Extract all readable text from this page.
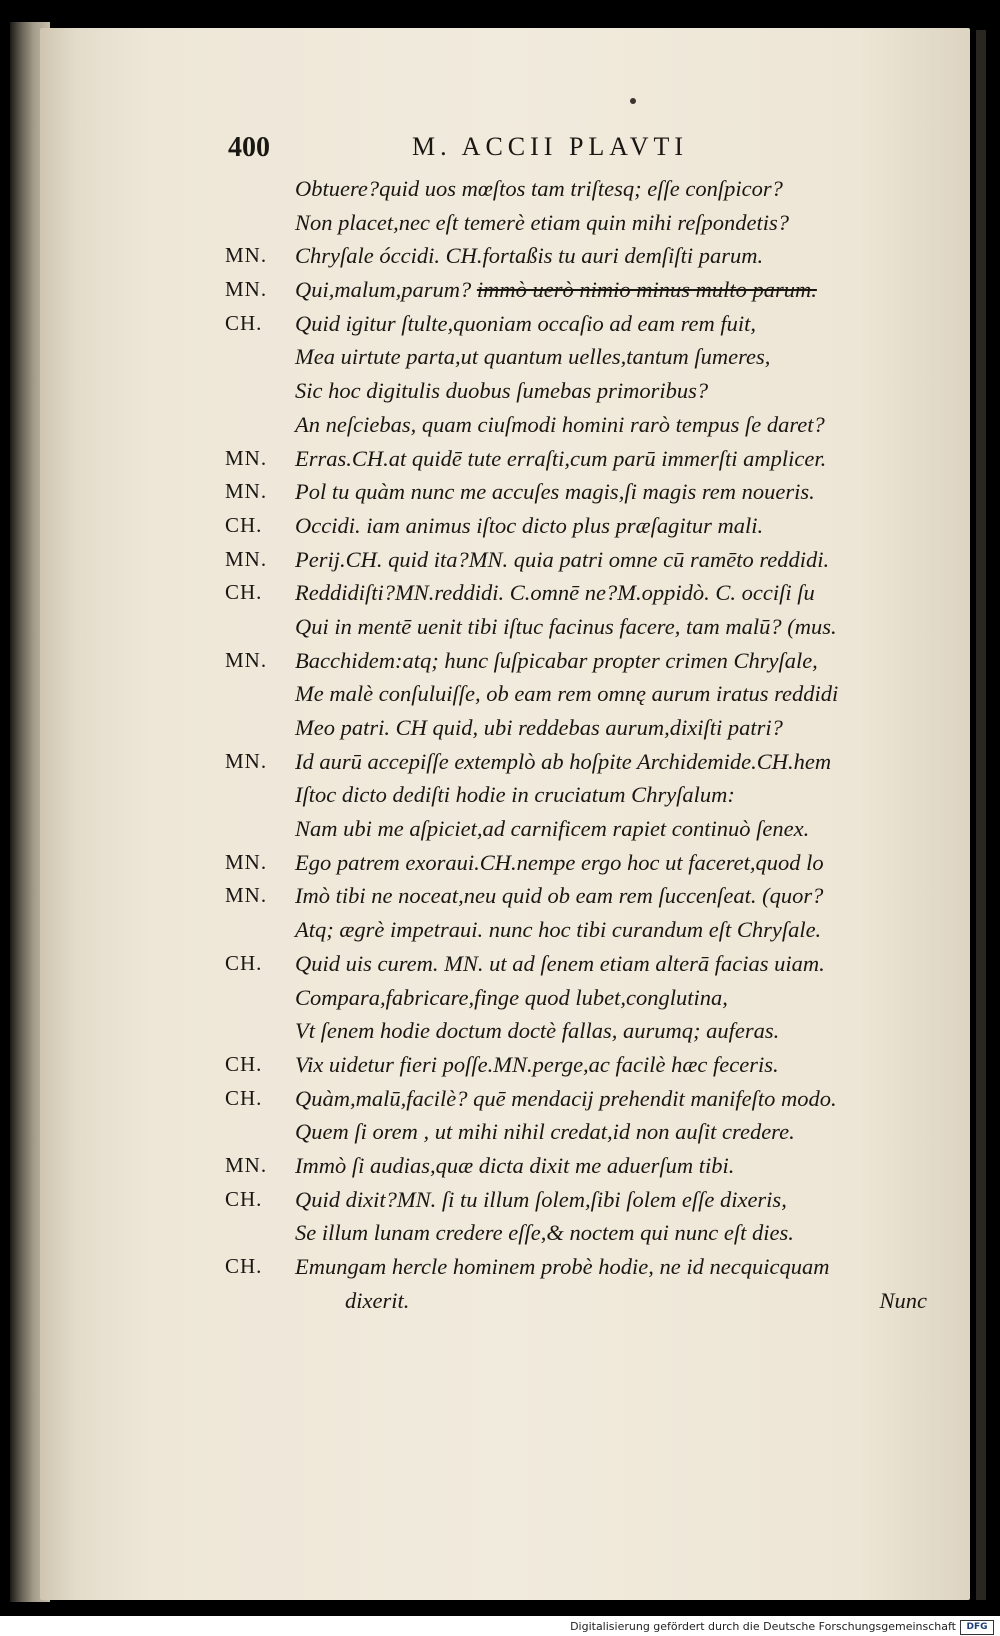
400	M. ACCII PLAVTI
Obtuere?quid uos mœſtos tam triſtesq; eſſe conſpicor?
Non placet,nec eſt temerè etiam quin mihi reſpondetis?
MN.	Chryſale óccidi. CH.fortaßis tu auri demſiſti parum.
MN.	Qui,malum,parum? immò uerò nimio minus multo parum.
CH.	Quid igitur ſtulte,quoniam occaſio ad eam rem fuit,
Mea uirtute parta,ut quantum uelles,tantum ſumeres,
Sic hoc digitulis duobus ſumebas primoribus?
An neſciebas, quam ciuſmodi homini rarò tempus ſe daret?
MN.	Erras.CH.at quidē tute erraſti,cum parū immerſti amplicer.
MN.	Pol tu quàm nunc me accuſes magis,ſi magis rem noueris.
CH.	Occidi. iam animus iſtoc dicto plus præſagitur mali.
MN.	Perij.CH. quid ita?MN. quia patri omne cū ramēto reddidi.
CH.	Reddidiſti?MN.reddidi. C.omnē ne?M.oppidò. C. occiſi ſu
Qui in mentē uenit tibi iſtuc facinus facere, tam malū? (mus.
MN.	Bacchidem:atq; hunc ſuſpicabar propter crimen Chryſale,
Me malè conſuluiſſe, ob eam rem omnę aurum iratus reddidi
Meo patri. CH quid, ubi reddebas aurum,dixiſti patri?
MN.	Id aurū accepiſſe extemplò ab hoſpite Archidemide.CH.hem
Iſtoc dicto dediſti hodie in cruciatum Chryſalum:
Nam ubi me aſpiciet,ad carnificem rapiet continuò ſenex.
MN.	Ego patrem exoraui.CH.nempe ergo hoc ut faceret,quod lo
MN.	Imò tibi ne noceat,neu quid ob eam rem ſuccenſeat. (quor?
Atq; ægrè impetraui. nunc hoc tibi curandum eſt Chryſale.
CH.	Quid uis curem. MN. ut ad ſenem etiam alterā facias uiam.
Compara,fabricare,finge quod lubet,conglutina,
Vt ſenem hodie doctum doctè fallas, aurumq; auferas.
CH.	Vix uidetur fieri poſſe.MN.perge,ac facilè hæc feceris.
CH.	Quàm,malū,facilè? quē mendacij prehendit manifeſto modo.
Quem ſi orem , ut mihi nihil credat,id non auſit credere.
MN.	Immò ſi audias,quæ dicta dixit me aduerſum tibi.
CH.	Quid dixit?MN. ſi tu illum ſolem,ſibi ſolem eſſe dixeris,
Se illum lunam credere eſſe,& noctem qui nunc eſt dies.
CH.	Emungam hercle hominem probè hodie, ne id necquicquam
dixerit.	Nunc
Digitalisierung gefördert durch die Deutsche Forschungsgemeinschaft	DFG
